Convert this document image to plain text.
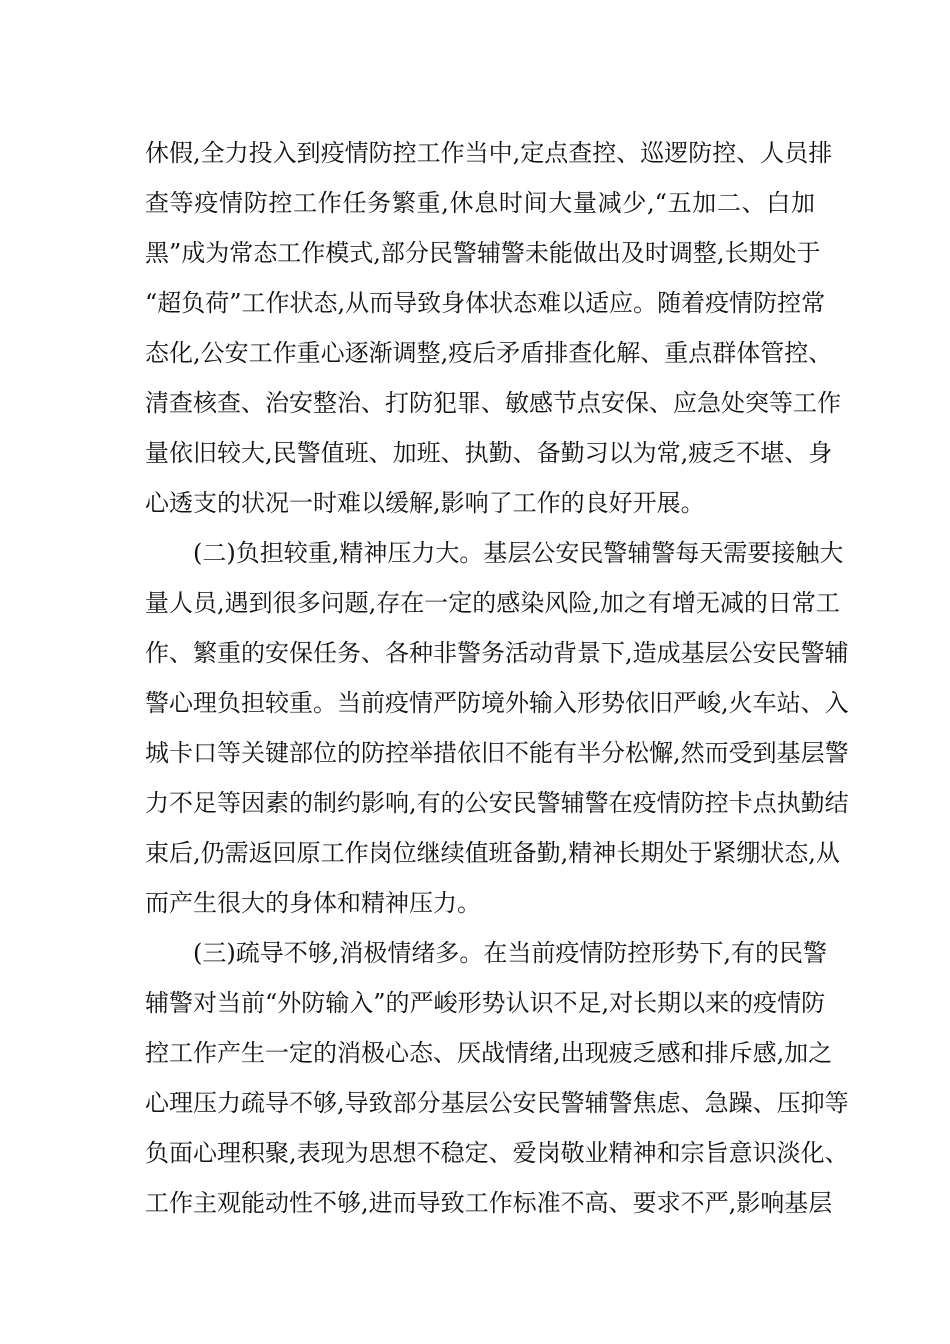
休假,全力投入到疫情防控工作当中,定点查控、巡逻防控、人员排
查等疫情防控工作任务繁重,休息时间大量减少,“五加二、白加
黑”成为常态工作模式,部分民警辅警未能做出及时调整,长期处于
“超负荷”工作状态,从而导致身体状态难以适应。随着疫情防控常
态化,公安工作重心逐渐调整,疫后矛盾排查化解、重点群体管控、
清查核查、治安整治、打防犯罪、敏感节点安保、应急处突等工作
量依旧较大,民警值班、加班、执勤、备勤习以为常,疲乏不堪、身
心透支的状况一时难以缓解,影响了工作的良好开展。
(二)负担较重,精神压力大。基层公安民警辅警每天需要接触大
量人员,遇到很多问题,存在一定的感染风险,加之有增无减的日常工
作、繁重的安保任务、各种非警务活动背景下,造成基层公安民警辅
警心理负担较重。当前疫情严防境外输入形势依旧严峻,火车站、入
城卡口等关键部位的防控举措依旧不能有半分松懈,然而受到基层警
力不足等因素的制约影响,有的公安民警辅警在疫情防控卡点执勤结
束后,仍需返回原工作岗位继续值班备勤,精神长期处于紧绷状态,从
而产生很大的身体和精神压力。
(三)疏导不够,消极情绪多。在当前疫情防控形势下,有的民警
辅警对当前“外防输入”的严峻形势认识不足,对长期以来的疫情防
控工作产生一定的消极心态、厌战情绪,出现疲乏感和排斥感,加之
心理压力疏导不够,导致部分基层公安民警辅警焦虑、急躁、压抑等
负面心理积聚,表现为思想不稳定、爱岗敬业精神和宗旨意识淡化、
工作主观能动性不够,进而导致工作标准不高、要求不严,影响基层
